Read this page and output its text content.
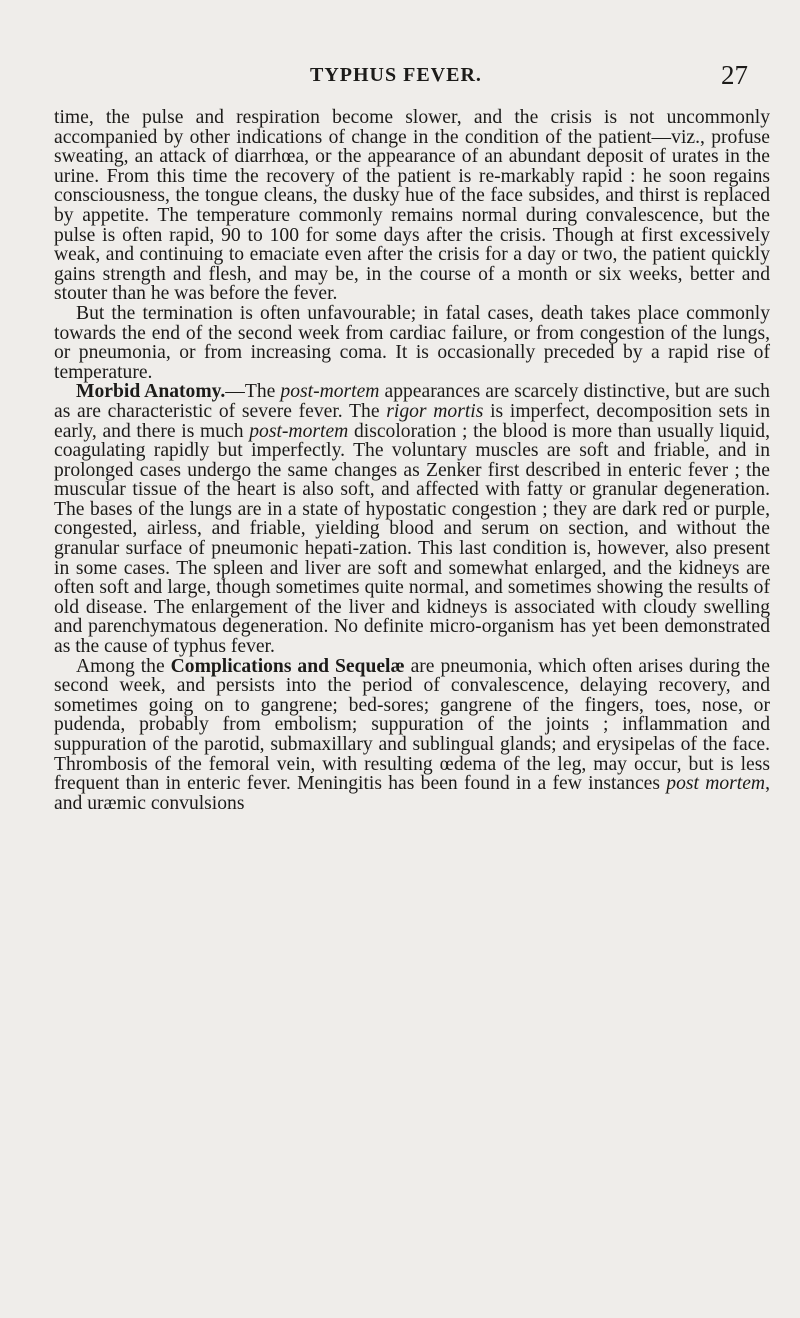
TYPHUS FEVER.	27

time, the pulse and respiration become slower, and the crisis is not uncommonly accompanied by other indications of change in the condition of the patient—viz., profuse sweating, an attack of diarrhœa, or the appearance of an abundant deposit of urates in the urine. From this time the recovery of the patient is re-markably rapid : he soon regains consciousness, the tongue cleans, the dusky hue of the face subsides, and thirst is replaced by appetite. The temperature commonly remains normal during convalescence, but the pulse is often rapid, 90 to 100 for some days after the crisis. Though at first excessively weak, and continuing to emaciate even after the crisis for a day or two, the patient quickly gains strength and flesh, and may be, in the course of a month or six weeks, better and stouter than he was before the fever.

But the termination is often unfavourable; in fatal cases, death takes place commonly towards the end of the second week from cardiac failure, or from congestion of the lungs, or pneumonia, or from increasing coma. It is occasionally preceded by a rapid rise of temperature.

Morbid Anatomy.—The post-mortem appearances are scarcely distinctive, but are such as are characteristic of severe fever. The rigor mortis is imperfect, decomposition sets in early, and there is much post-mortem discoloration ; the blood is more than usually liquid, coagulating rapidly but imperfectly. The voluntary muscles are soft and friable, and in prolonged cases undergo the same changes as Zenker first described in enteric fever ; the muscular tissue of the heart is also soft, and affected with fatty or granular degeneration. The bases of the lungs are in a state of hypostatic congestion ; they are dark red or purple, congested, airless, and friable, yielding blood and serum on section, and without the granular surface of pneumonic hepati-zation. This last condition is, however, also present in some cases. The spleen and liver are soft and somewhat enlarged, and the kidneys are often soft and large, though sometimes quite normal, and sometimes showing the results of old disease. The enlargement of the liver and kidneys is associated with cloudy swelling and parenchymatous degeneration. No definite micro-organism has yet been demonstrated as the cause of typhus fever.

Among the Complications and Sequelæ are pneumonia, which often arises during the second week, and persists into the period of convalescence, delaying recovery, and sometimes going on to gangrene; bed-sores; gangrene of the fingers, toes, nose, or pudenda, probably from embolism; suppuration of the joints ; inflammation and suppuration of the parotid, submaxillary and sublingual glands; and erysipelas of the face. Thrombosis of the femoral vein, with resulting œdema of the leg, may occur, but is less frequent than in enteric fever. Meningitis has been found in a few instances post mortem, and uræmic convulsions
